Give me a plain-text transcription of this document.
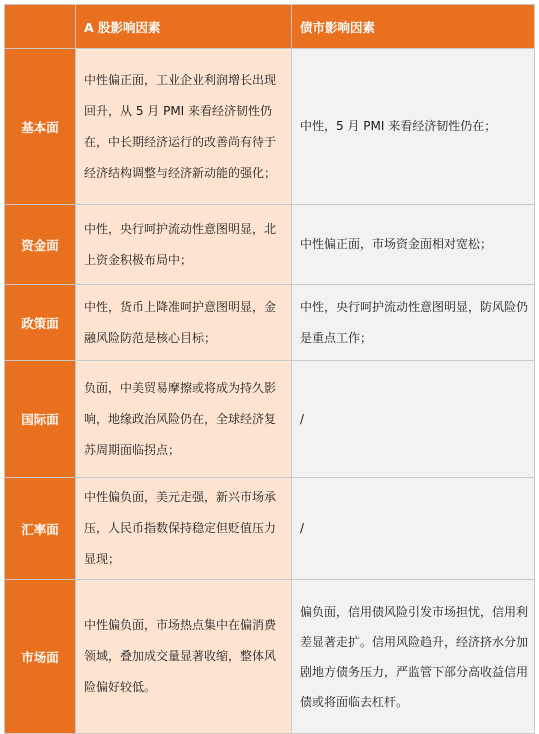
	A 股影响因素	债市影响因素
基本面	中性偏正面，工业企业利润增长出现回升，从 5 月 PMI 来看经济韧性仍在，中长期经济运行的改善尚有待于经济结构调整与经济新动能的强化；	中性，5 月 PMI 来看经济韧性仍在；
资金面	中性，央行呵护流动性意图明显，北上资金积极布局中；	中性偏正面，市场资金面相对宽松；
政策面	中性，货币上降准呵护意图明显，金融风险防范是核心目标；	中性，央行呵护流动性意图明显，防风险仍是重点工作；
国际面	负面，中美贸易摩擦或将成为持久影响，地缘政治风险仍在，全球经济复苏周期面临拐点；	/
汇率面	中性偏负面，美元走强，新兴市场承压，人民币指数保持稳定但贬值压力显现；	/
市场面	中性偏负面，市场热点集中在偏消费领域，叠加成交量显著收缩，整体风险偏好较低。	偏负面，信用债风险引发市场担忧，信用利差显著走扩。信用风险趋升，经济挤水分加剧地方债务压力，严监管下部分高收益信用债或将面临去杠杆。
